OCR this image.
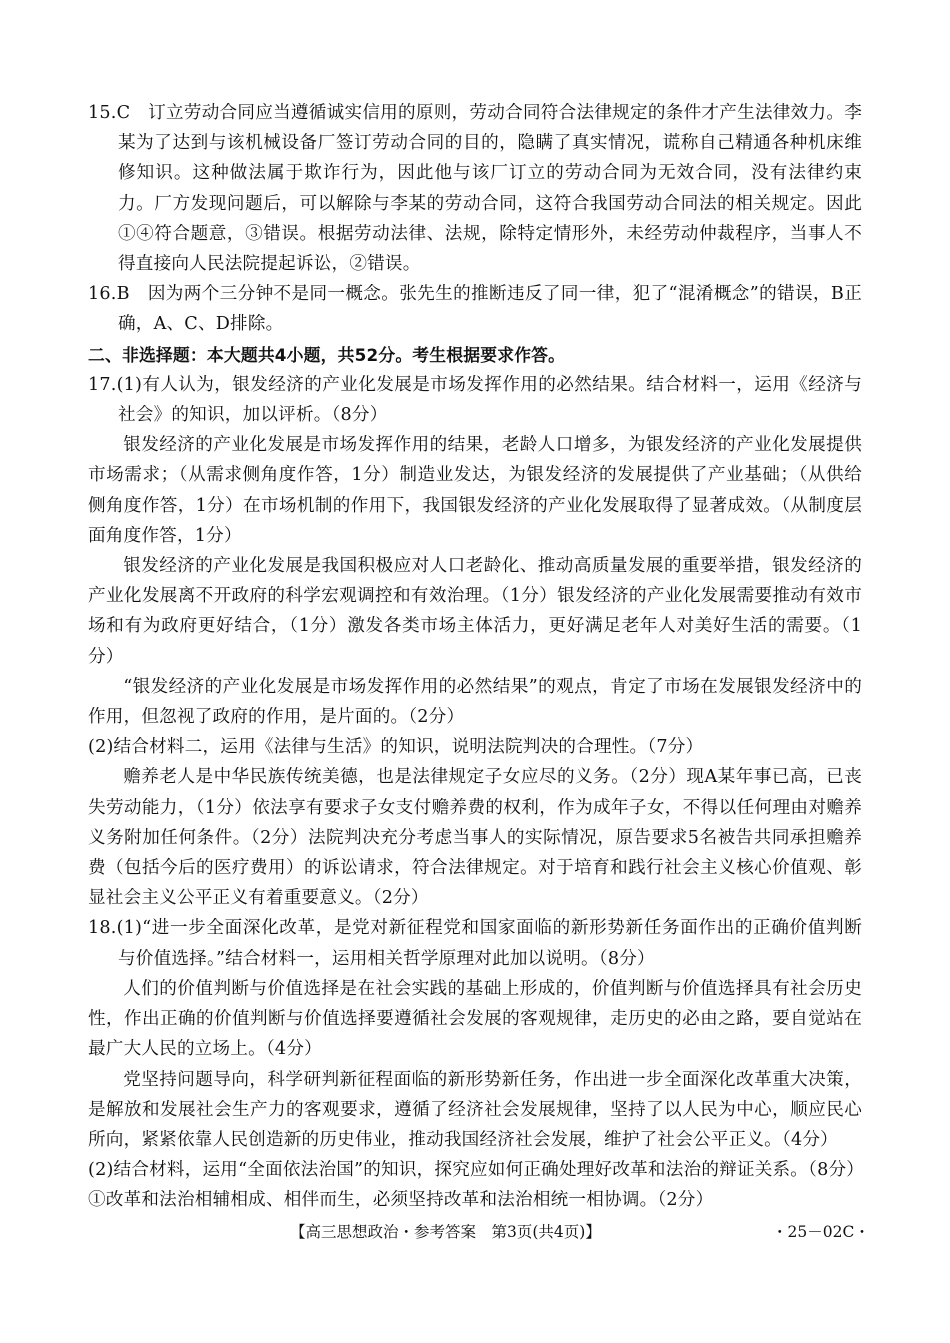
15.C　 订立劳动合同应当遵循诚实信用的原则，劳动合同符合法律规定的条件才产生法律效力。李某为了达到与该机械设备厂签订劳动合同的目的，隐瞒了真实情况，谎称自己精通各种机床维修知识。这种做法属于欺诈行为，因此他与该厂订立的劳动合同为无效合同，没有法律约束力。厂方发现问题后，可以解除与李某的劳动合同，这符合我国劳动合同法的相关规定。因此①④符合题意，③错误。根据劳动法律、法规，除特定情形外，未经劳动仲裁程序，当事人不得直接向人民法院提起诉讼，②错误。

16.B　 因为两个三分钟不是同一概念。张先生的推断违反了同一律，犯了“混淆概念”的错误，B正确，A、C、D排除。

二、非选择题：本大题共4小题，共52分。考生根据要求作答。

17.(1)有人认为，银发经济的产业化发展是市场发挥作用的必然结果。结合材料一，运用《经济与社会》的知识，加以评析。（8分）

银发经济的产业化发展是市场发挥作用的结果，老龄人口增多，为银发经济的产业化发展提供市场需求；（从需求侧角度作答，1分）制造业发达，为银发经济的发展提供了产业基础；（从供给侧角度作答，1分）在市场机制的作用下，我国银发经济的产业化发展取得了显著成效。（从制度层面角度作答，1分）

银发经济的产业化发展是我国积极应对人口老龄化、推动高质量发展的重要举措，银发经济的产业化发展离不开政府的科学宏观调控和有效治理。（1分）银发经济的产业化发展需要推动有效市场和有为政府更好结合，（1分）激发各类市场主体活力，更好满足老年人对美好生活的需要。（1分）

“银发经济的产业化发展是市场发挥作用的必然结果”的观点，肯定了市场在发展银发经济中的作用，但忽视了政府的作用，是片面的。（2分）

(2)结合材料二，运用《法律与生活》的知识，说明法院判决的合理性。（7分）

赡养老人是中华民族传统美德，也是法律规定子女应尽的义务。（2分）现A某年事已高，已丧失劳动能力，（1分）依法享有要求子女支付赡养费的权利，作为成年子女，不得以任何理由对赡养义务附加任何条件。（2分）法院判决充分考虑当事人的实际情况，原告要求5名被告共同承担赡养费（包括今后的医疗费用）的诉讼请求，符合法律规定。对于培育和践行社会主义核心价值观、彰显社会主义公平正义有着重要意义。（2分）

18.(1)“进一步全面深化改革，是党对新征程党和国家面临的新形势新任务面作出的正确价值判断与价值选择。”结合材料一，运用相关哲学原理对此加以说明。（8分）

人们的价值判断与价值选择是在社会实践的基础上形成的，价值判断与价值选择具有社会历史性，作出正确的价值判断与价值选择要遵循社会发展的客观规律，走历史的必由之路，要自觉站在最广大人民的立场上。（4分）

党坚持问题导向，科学研判新征程面临的新形势新任务，作出进一步全面深化改革重大决策，是解放和发展社会生产力的客观要求，遵循了经济社会发展规律，坚持了以人民为中心，顺应民心所向，紧紧依靠人民创造新的历史伟业，推动我国经济社会发展，维护了社会公平正义。（4分）

(2)结合材料，运用“全面依法治国”的知识，探究应如何正确处理好改革和法治的辩证关系。（8分）

①改革和法治相辅相成、相伴而生，必须坚持改革和法治相统一相协调。（2分）

【高三思想政治・参考答案　第3页(共4页)】	・25－02C・
